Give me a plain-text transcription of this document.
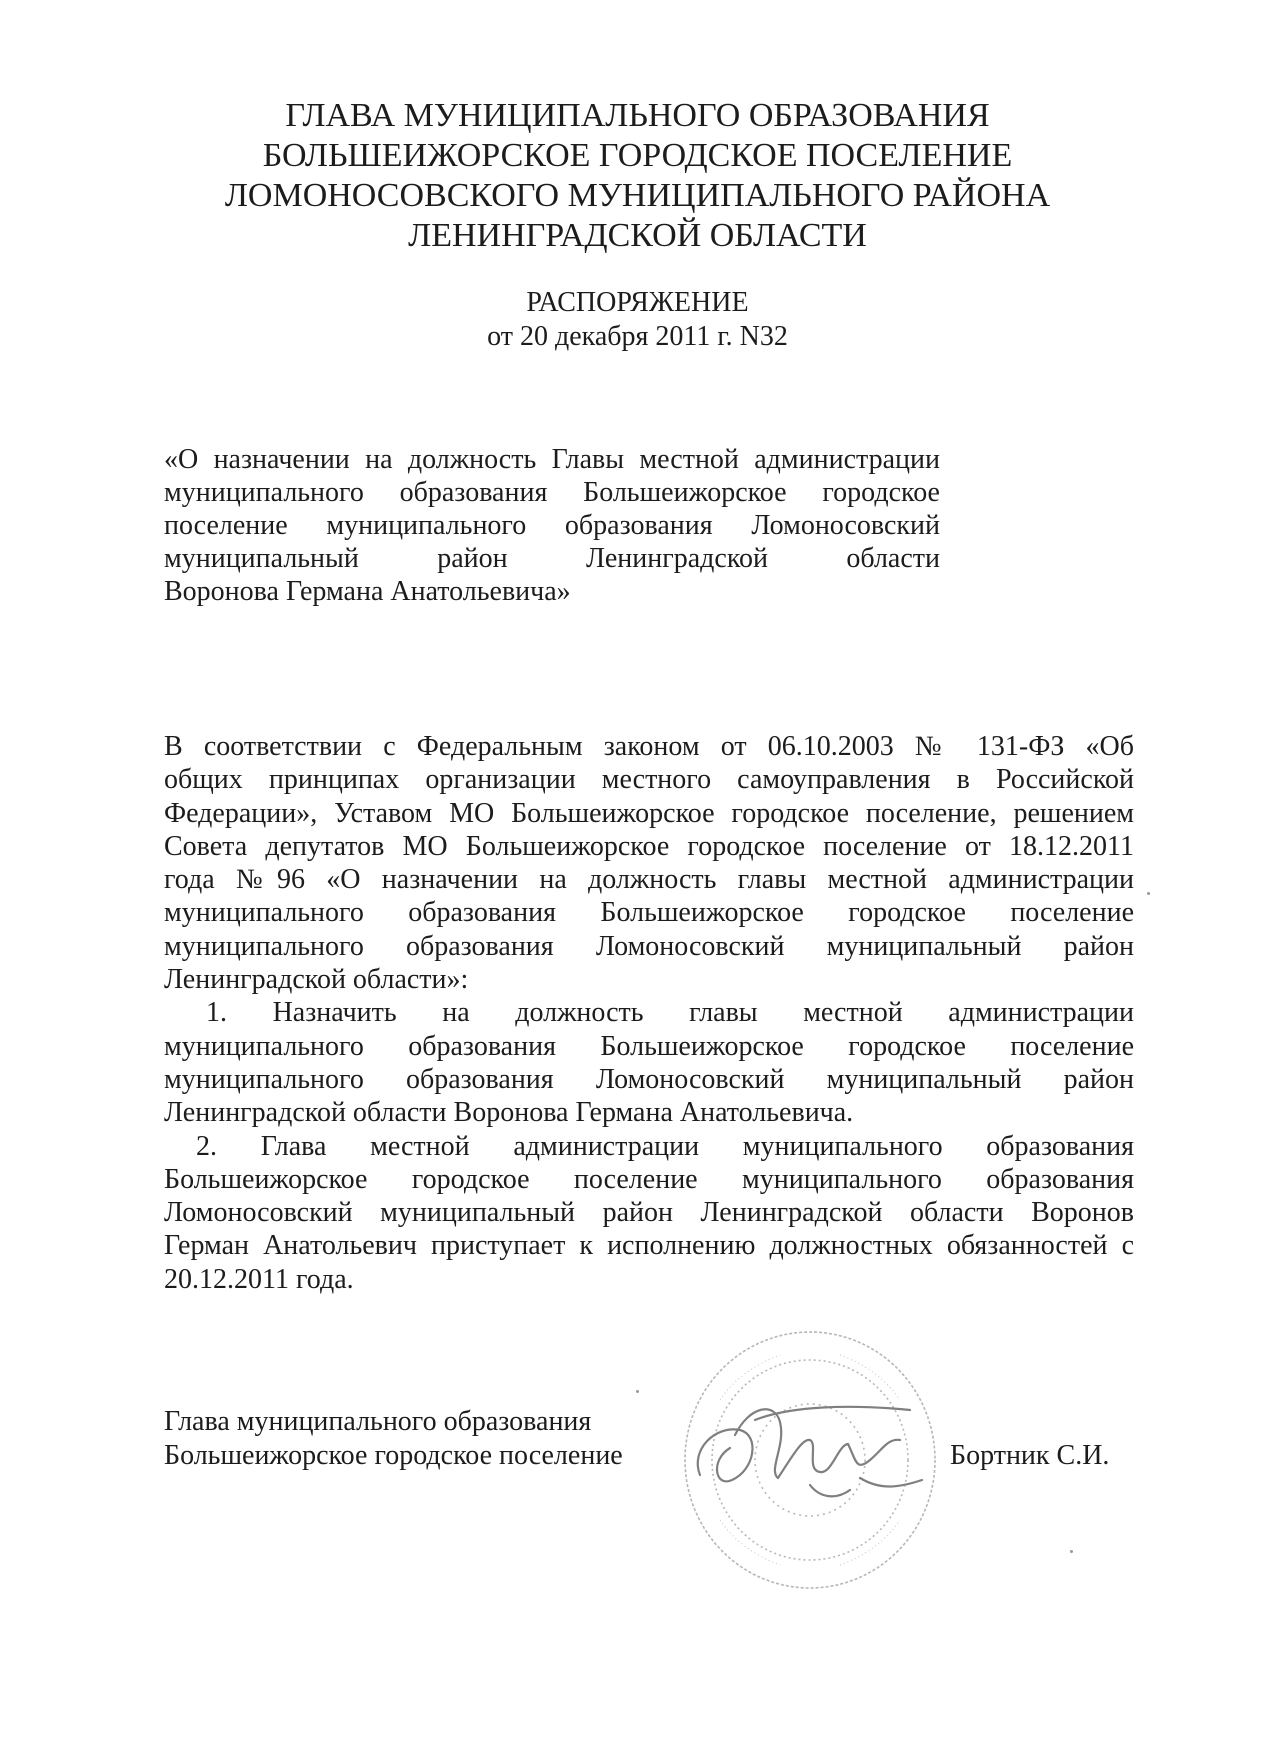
ГЛАВА МУНИЦИПАЛЬНОГО ОБРАЗОВАНИЯ
БОЛЬШЕИЖОРСКОЕ ГОРОДСКОЕ ПОСЕЛЕНИЕ
ЛОМОНОСОВСКОГО МУНИЦИПАЛЬНОГО РАЙОНА
ЛЕНИНГРАДСКОЙ ОБЛАСТИ
РАСПОРЯЖЕНИЕ
от 20 декабря 2011 г. N32
«О назначении на должность Главы местной администрации
муниципального образования Большеижорское городское
поселение муниципального образования Ломоносовский
муниципальный район Ленинградской области
Воронова Германа Анатольевича»
В соответствии с Федеральным законом от 06.10.2003 № 131-ФЗ «Об
общих принципах организации местного самоуправления в Российской
Федерации», Уставом МО Большеижорское городское поселение, решением
Совета депутатов МО Большеижорское городское поселение от 18.12.2011
года №96 «О назначении на должность главы местной администрации
муниципального образования Большеижорское городское поселение
муниципального образования Ломоносовский муниципальный район
Ленинградской области»:
1. Назначить на должность главы местной администрации
муниципального образования Большеижорское городское поселение
муниципального образования Ломоносовский муниципальный район
Ленинградской области Воронова Германа Анатольевича.
2. Глава местной администрации муниципального образования
Большеижорское городское поселение муниципального образования
Ломоносовский муниципальный район Ленинградской области Воронов
Герман Анатольевич приступает к исполнению должностных обязанностей с
20.12.2011 года.
Глава муниципального образования
Большеижорское городское поселение	Бортник С.И.
